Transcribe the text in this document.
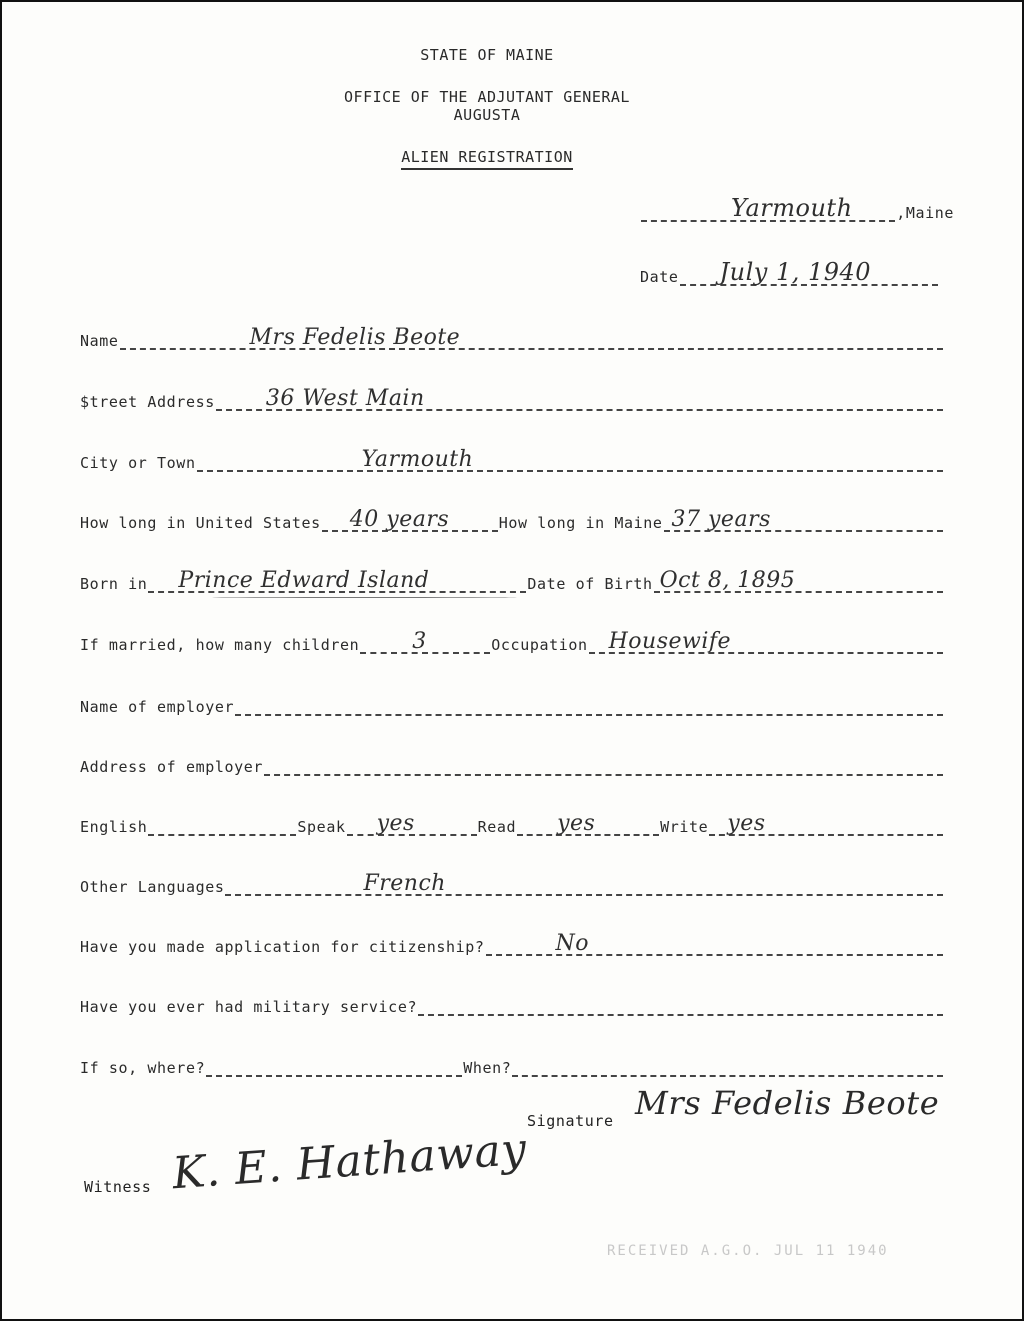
STATE OF MAINE
OFFICE OF THE ADJUTANT GENERAL
AUGUSTA
ALIEN REGISTRATION
Yarmouth	,Maine
Date July 1, 1940
Name	Mrs Fedelis Beote
$treet Address 36 West Main
City or Town	Yarmouth
How long in United States 40 years	How long in Maine 37 years
Born in Prince Edward Island	Date of Birth Oct 8, 1895
If married, how many children 3	Occupation Housewife
Name of employer
Address of employer
English	Speak yes	Read yes	Write yes
Other Languages	French
Have you made application for citizenship?	No
Have you ever had military service?
If so, where?	When?
Signature Mrs Fedelis Beote
Witness K. E. Hathaway
RECEIVED A.G.O. JUL 11 1940
